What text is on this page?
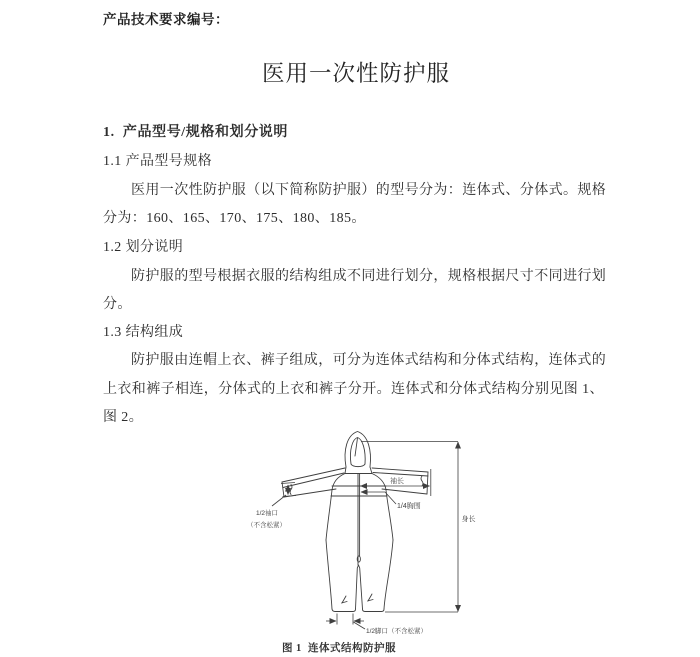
产品技术要求编号：
医用一次性防护服
1.  产品型号/规格和划分说明
1.1 产品型号规格
医用一次性防护服（以下简称防护服）的型号分为：连体式、分体式。规格
分为：160、165、170、175、180、185。
1.2 划分说明
防护服的型号根据衣服的结构组成不同进行划分，规格根据尺寸不同进行划
分。
1.3 结构组成
防护服由连帽上衣、裤子组成，可分为连体式结构和分体式结构，连体式的
上衣和裤子相连，分体式的上衣和裤子分开。连体式和分体式结构分别见图 1、
图 2。
袖长
1/4胸围
身长
1/2袖口
（不含松紧）
1/2脚口（不含松紧）
图 1  连体式结构防护服
